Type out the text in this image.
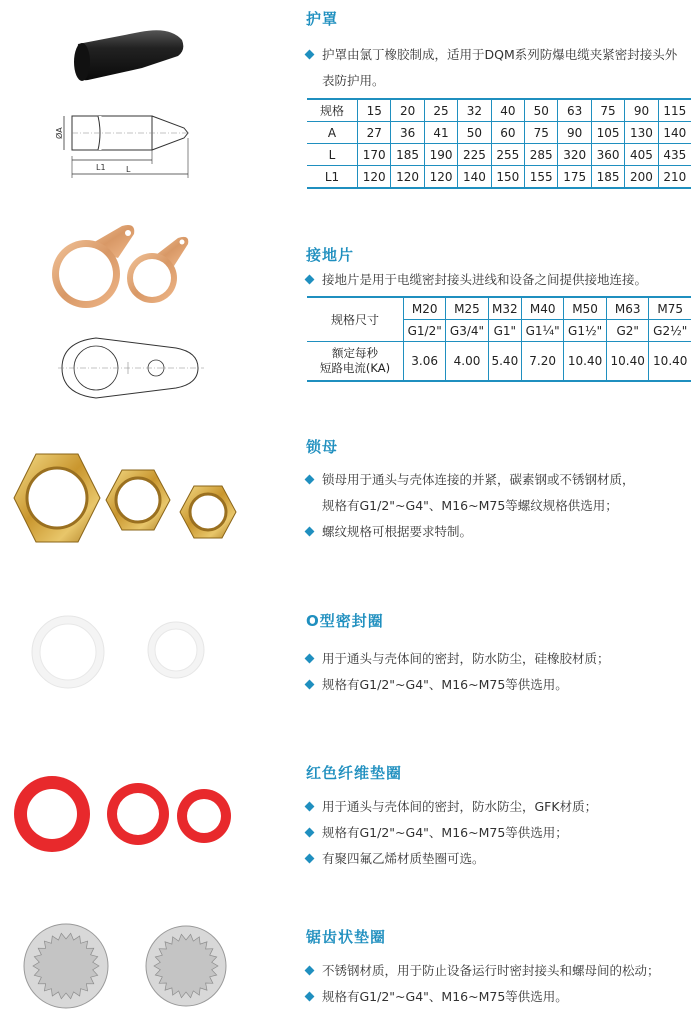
ØA
L1	L
护罩
护罩由氯丁橡胶制成，适用于DQM系列防爆电缆夹紧密封接头外
表防护用。
规格	15	20	25	32	40	50	63	75	90	115
A	27	36	41	50	60	75	90	105	130	140
L	170	185	190	225	255	285	320	360	405	435
L1	120	120	120	140	150	155	175	185	200	210
接地片
接地片是用于电缆密封接头进线和设备之间提供接地连接。
规格尺寸	M20	M25	M32	M40	M50	M63	M75
	G1/2"	G3/4"	G1"	G1¼"	G1½"	G2"	G2½"
额定每秒
短路电流(KA)	3.06	4.00	5.40	7.20	10.40	10.40	10.40
锁母
锁母用于通头与壳体连接的并紧，碳素钢或不锈钢材质，
规格有G1/2"~G4"、M16~M75等螺纹规格供选用；
螺纹规格可根据要求特制。
O型密封圈
用于通头与壳体间的密封，防水防尘，硅橡胶材质；
规格有G1/2"~G4"、M16~M75等供选用。
红色纤维垫圈
用于通头与壳体间的密封，防水防尘，GFK材质；
规格有G1/2"~G4"、M16~M75等供选用；
有聚四氟乙烯材质垫圈可选。
锯齿状垫圈
不锈钢材质，用于防止设备运行时密封接头和螺母间的松动；
规格有G1/2"~G4"、M16~M75等供选用。
